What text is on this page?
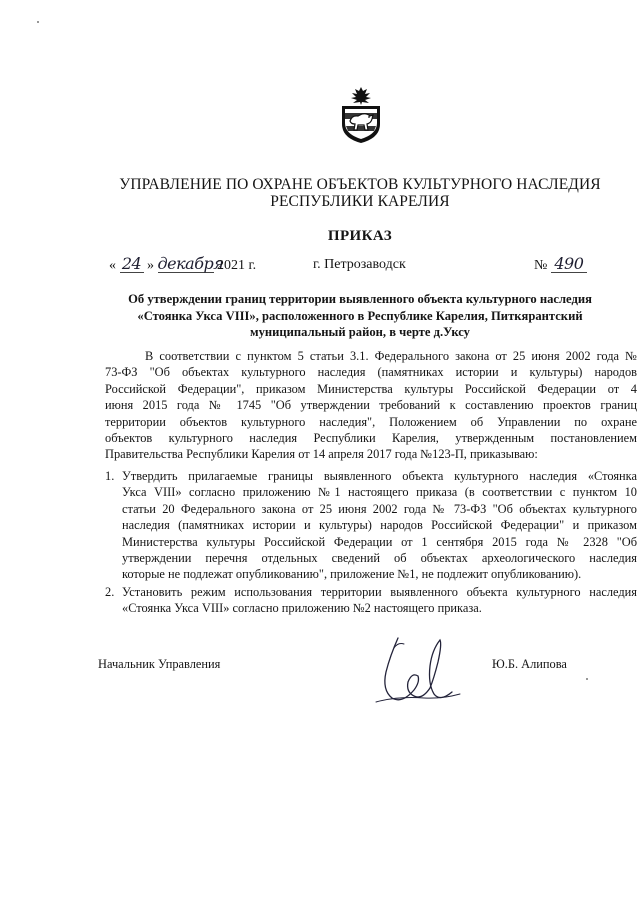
УПРАВЛЕНИЕ ПО ОХРАНЕ ОБЪЕКТОВ КУЛЬТУРНОГО НАСЛЕДИЯ
РЕСПУБЛИКИ КАРЕЛИЯ
ПРИКАЗ
« 24 » декабря 2021 г.	г. Петрозаводск	№ 490
Об утверждении границ территории выявленного объекта культурного наследия
«Стоянка Укса VIII», расположенного в Республике Карелия, Питкярантский
муниципальный район, в черте д.Уксу
В соответствии с пунктом 5 статьи 3.1. Федерального закона от 25 июня 2002 года №
73-ФЗ "Об объектах культурного наследия (памятниках истории и культуры) народов
Российской Федерации", приказом Министерства культуры Российской Федерации от 4
июня 2015 года № 1745 "Об утверждении требований к составлению проектов границ
территории объектов культурного наследия", Положением об Управлении по охране
объектов культурного наследия Республики Карелия, утвержденным постановлением
Правительства Республики Карелия от 14 апреля 2017 года №123-П, приказываю:
1. Утвердить прилагаемые границы выявленного объекта культурного наследия «Стоянка
Укса VIII» согласно приложению №1 настоящего приказа (в соответствии с пунктом 10
статьи 20 Федерального закона от 25 июня 2002 года № 73-ФЗ "Об объектах культурного
наследия (памятниках истории и культуры) народов Российской Федерации" и приказом
Министерства культуры Российской Федерации от 1 сентября 2015 года № 2328 "Об
утверждении перечня отдельных сведений об объектах археологического наследия
которые не подлежат опубликованию", приложение №1, не подлежит опубликованию).
2. Установить режим использования территории выявленного объекта культурного наследия
«Стоянка Укса VIII» согласно приложению №2 настоящего приказа.
Начальник Управления	Ю.Б. Алипова
